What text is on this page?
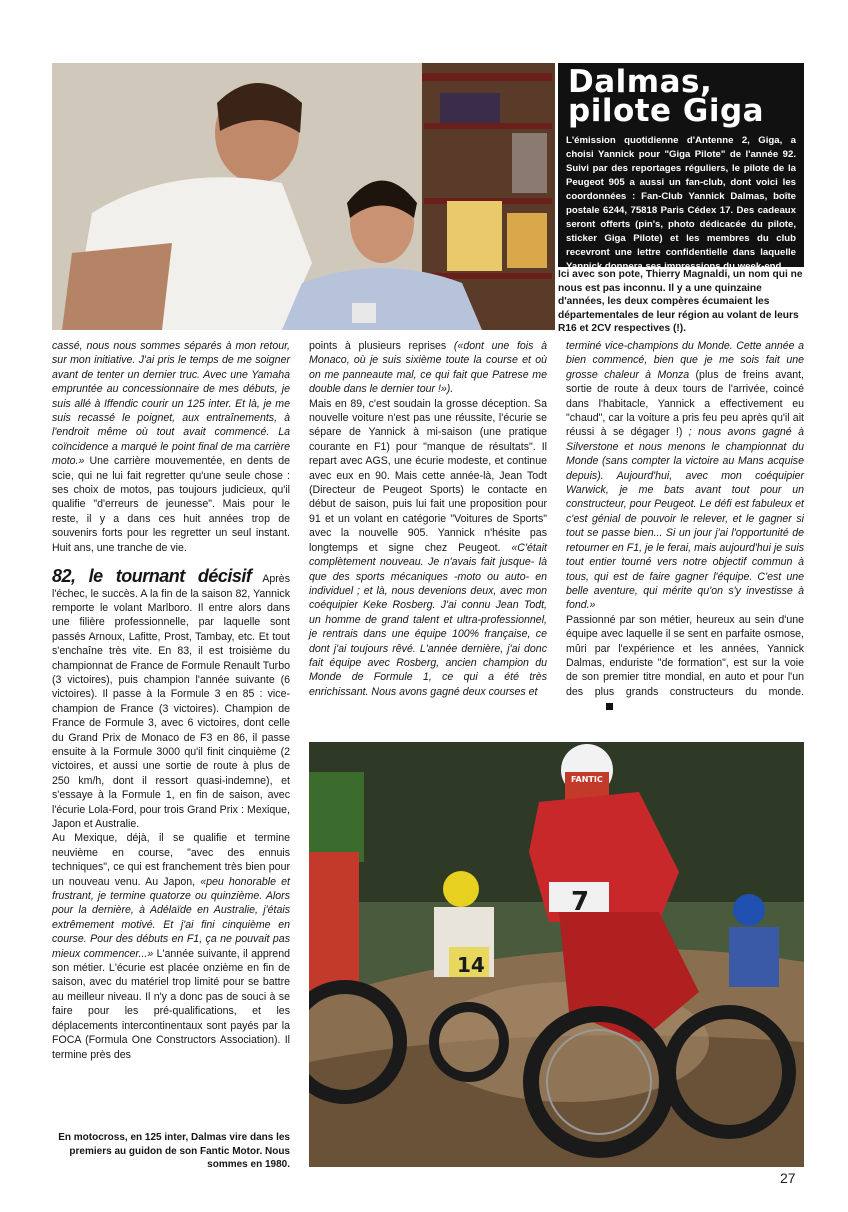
Dalmas,
pilote Giga

L'émission quotidienne d'Antenne 2, Giga, a choisi Yannick pour "Giga Pilote" de l'année 92. Suivi par des reportages réguliers, le pilote de la Peugeot 905 a aussi un fan-club, dont voici les coordonnées : Fan-Club Yannick Dalmas, boîte postale 6244, 75818 Paris Cédex 17. Des cadeaux seront offerts (pin's, photo dédicacée du pilote, sticker Giga Pilote) et les membres du club recevront une lettre confidentielle dans laquelle Yannick donnera ses impressions du week-end.

Ici avec son pote, Thierry Magnaldi, un nom qui ne nous est pas inconnu. Il y a une quinzaine d'années, les deux compères écumaient les départementales de leur région au volant de leurs R16 et 2CV respectives (!).

cassé, nous nous sommes séparés à mon retour, sur mon initiative. J'ai pris le temps de me soigner avant de tenter un dernier truc. Avec une Yamaha empruntée au concessionnaire de mes débuts, je suis allé à Iffendic courir un 125 inter. Et là, je me suis recassé le poignet, aux entraînements, à l'endroit même où tout avait commencé. La coïncidence a marqué le point final de ma carrière moto.» Une carrière mouvementée, en dents de scie, qui ne lui fait regretter qu'une seule chose : ses choix de motos, pas toujours judicieux, qu'il qualifie "d'erreurs de jeunesse". Mais pour le reste, il y a dans ces huit années trop de souvenirs forts pour les regretter un seul instant. Huit ans, une tranche de vie.

82, le tournant décisif Après l'échec, le succès. A la fin de la saison 82, Yannick remporte le volant Marlboro. Il entre alors dans une filière professionnelle, par laquelle sont passés Arnoux, Lafitte, Prost, Tambay, etc. Et tout s'enchaîne très vite. En 83, il est troisième du championnat de France de Formule Renault Turbo (3 victoires), puis champion l'année suivante (6 victoires). Il passe à la Formule 3 en 85 : vice-champion de France (3 victoires). Champion de France de Formule 3, avec 6 victoires, dont celle du Grand Prix de Monaco de F3 en 86, il passe ensuite à la Formule 3000 qu'il finit cinquième (2 victoires, et aussi une sortie de route à plus de 250 km/h, dont il ressort quasi-indemne), et s'essaye à la Formule 1, en fin de saison, avec l'écurie Lola-Ford, pour trois Grand Prix : Mexique, Japon et Australie.

Au Mexique, déjà, il se qualifie et termine neuvième en course, "avec des ennuis techniques", ce qui est franchement très bien pour un nouveau venu. Au Japon, «peu honorable et frustrant, je termine quatorze ou quinzième. Alors pour la dernière, à Adélaïde en Australie, j'étais extrêmement motivé. Et j'ai fini cinquième en course. Pour des débuts en F1, ça ne pouvait pas mieux commencer...» L'année suivante, il apprend son métier. L'écurie est placée onzième en fin de saison, avec du matériel trop limité pour se battre au meilleur niveau. Il n'y a donc pas de souci à se faire pour les pré-qualifications, et les déplacements intercontinentaux sont payés par la FOCA (Formula One Constructors Association). Il termine près des

points à plusieurs reprises («dont une fois à Monaco, où je suis sixième toute la course et où on me panneaute mal, ce qui fait que Patrese me double dans le dernier tour !»).

Mais en 89, c'est soudain la grosse déception. Sa nouvelle voiture n'est pas une réussite, l'écurie se sépare de Yannick à mi-saison (une pratique courante en F1) pour "manque de résultats". Il repart avec AGS, une écurie modeste, et continue avec eux en 90. Mais cette année-là, Jean Todt (Directeur de Peugeot Sports) le contacte en début de saison, puis lui fait une proposition pour 91 et un volant en catégorie "Voitures de Sports" avec la nouvelle 905. Yannick n'hésite pas longtemps et signe chez Peugeot. «C'était complètement nouveau. Je n'avais fait jusque- là que des sports mécaniques -moto ou auto- en individuel ; et là, nous devenions deux, avec mon coéquipier Keke Rosberg. J'ai connu Jean Todt, un homme de grand talent et ultra-professionnel, je rentrais dans une équipe 100% française, ce dont j'ai toujours rêvé. L'année dernière, j'ai donc fait équipe avec Rosberg, ancien champion du Monde de Formule 1, ce qui a été très enrichissant. Nous avons gagné deux courses et

terminé vice-champions du Monde. Cette année a bien commencé, bien que je me sois fait une grosse chaleur à Monza (plus de freins avant, sortie de route à deux tours de l'arrivée, coincé dans l'habitacle, Yannick a effectivement eu "chaud", car la voiture a pris feu peu après qu'il ait réussi à se dégager !) ; nous avons gagné à Silverstone et nous menons le championnat du Monde (sans compter la victoire au Mans acquise depuis). Aujourd'hui, avec mon coéquipier Warwick, je me bats avant tout pour un constructeur, pour Peugeot. Le défi est fabuleux et c'est génial de pouvoir le relever, et le gagner si tout se passe bien... Si un jour j'ai l'opportunité de retourner en F1, je le ferai, mais aujourd'hui je suis tout entier tourné vers notre objectif commun à tous, qui est de faire gagner l'équipe. C'est une belle aventure, qui mérite qu'on s'y investisse à fond.»

Passionné par son métier, heureux au sein d'une équipe avec laquelle il se sent en parfaite osmose, mûri par l'expérience et les années, Yannick Dalmas, enduriste "de formation", est sur la voie de son premier titre mondial, en auto et pour l'un des plus grands constructeurs du monde.

14
FANTIC
7

En motocross, en 125 inter, Dalmas vire dans les premiers au guidon de son Fantic Motor. Nous sommes en 1980.

27
